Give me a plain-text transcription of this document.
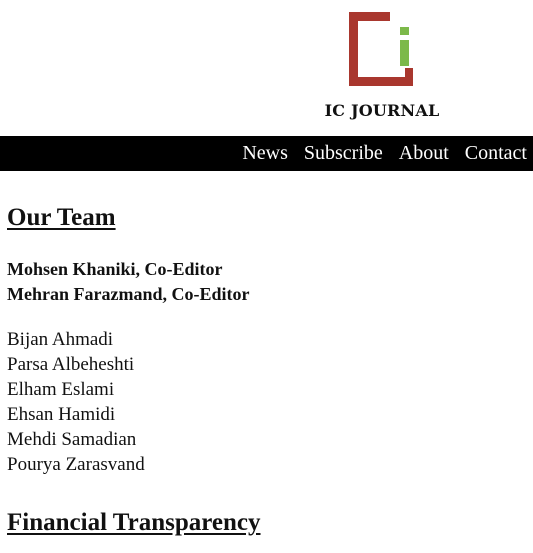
IC JOURNAL
News Subscribe About Contact
Our Team
Mohsen Khaniki, Co-Editor
Mehran Farazmand, Co-Editor
Bijan Ahmadi
Parsa Albeheshti
Elham Eslami
Ehsan Hamidi
Mehdi Samadian
Pourya Zarasvand
Financial Transparency
